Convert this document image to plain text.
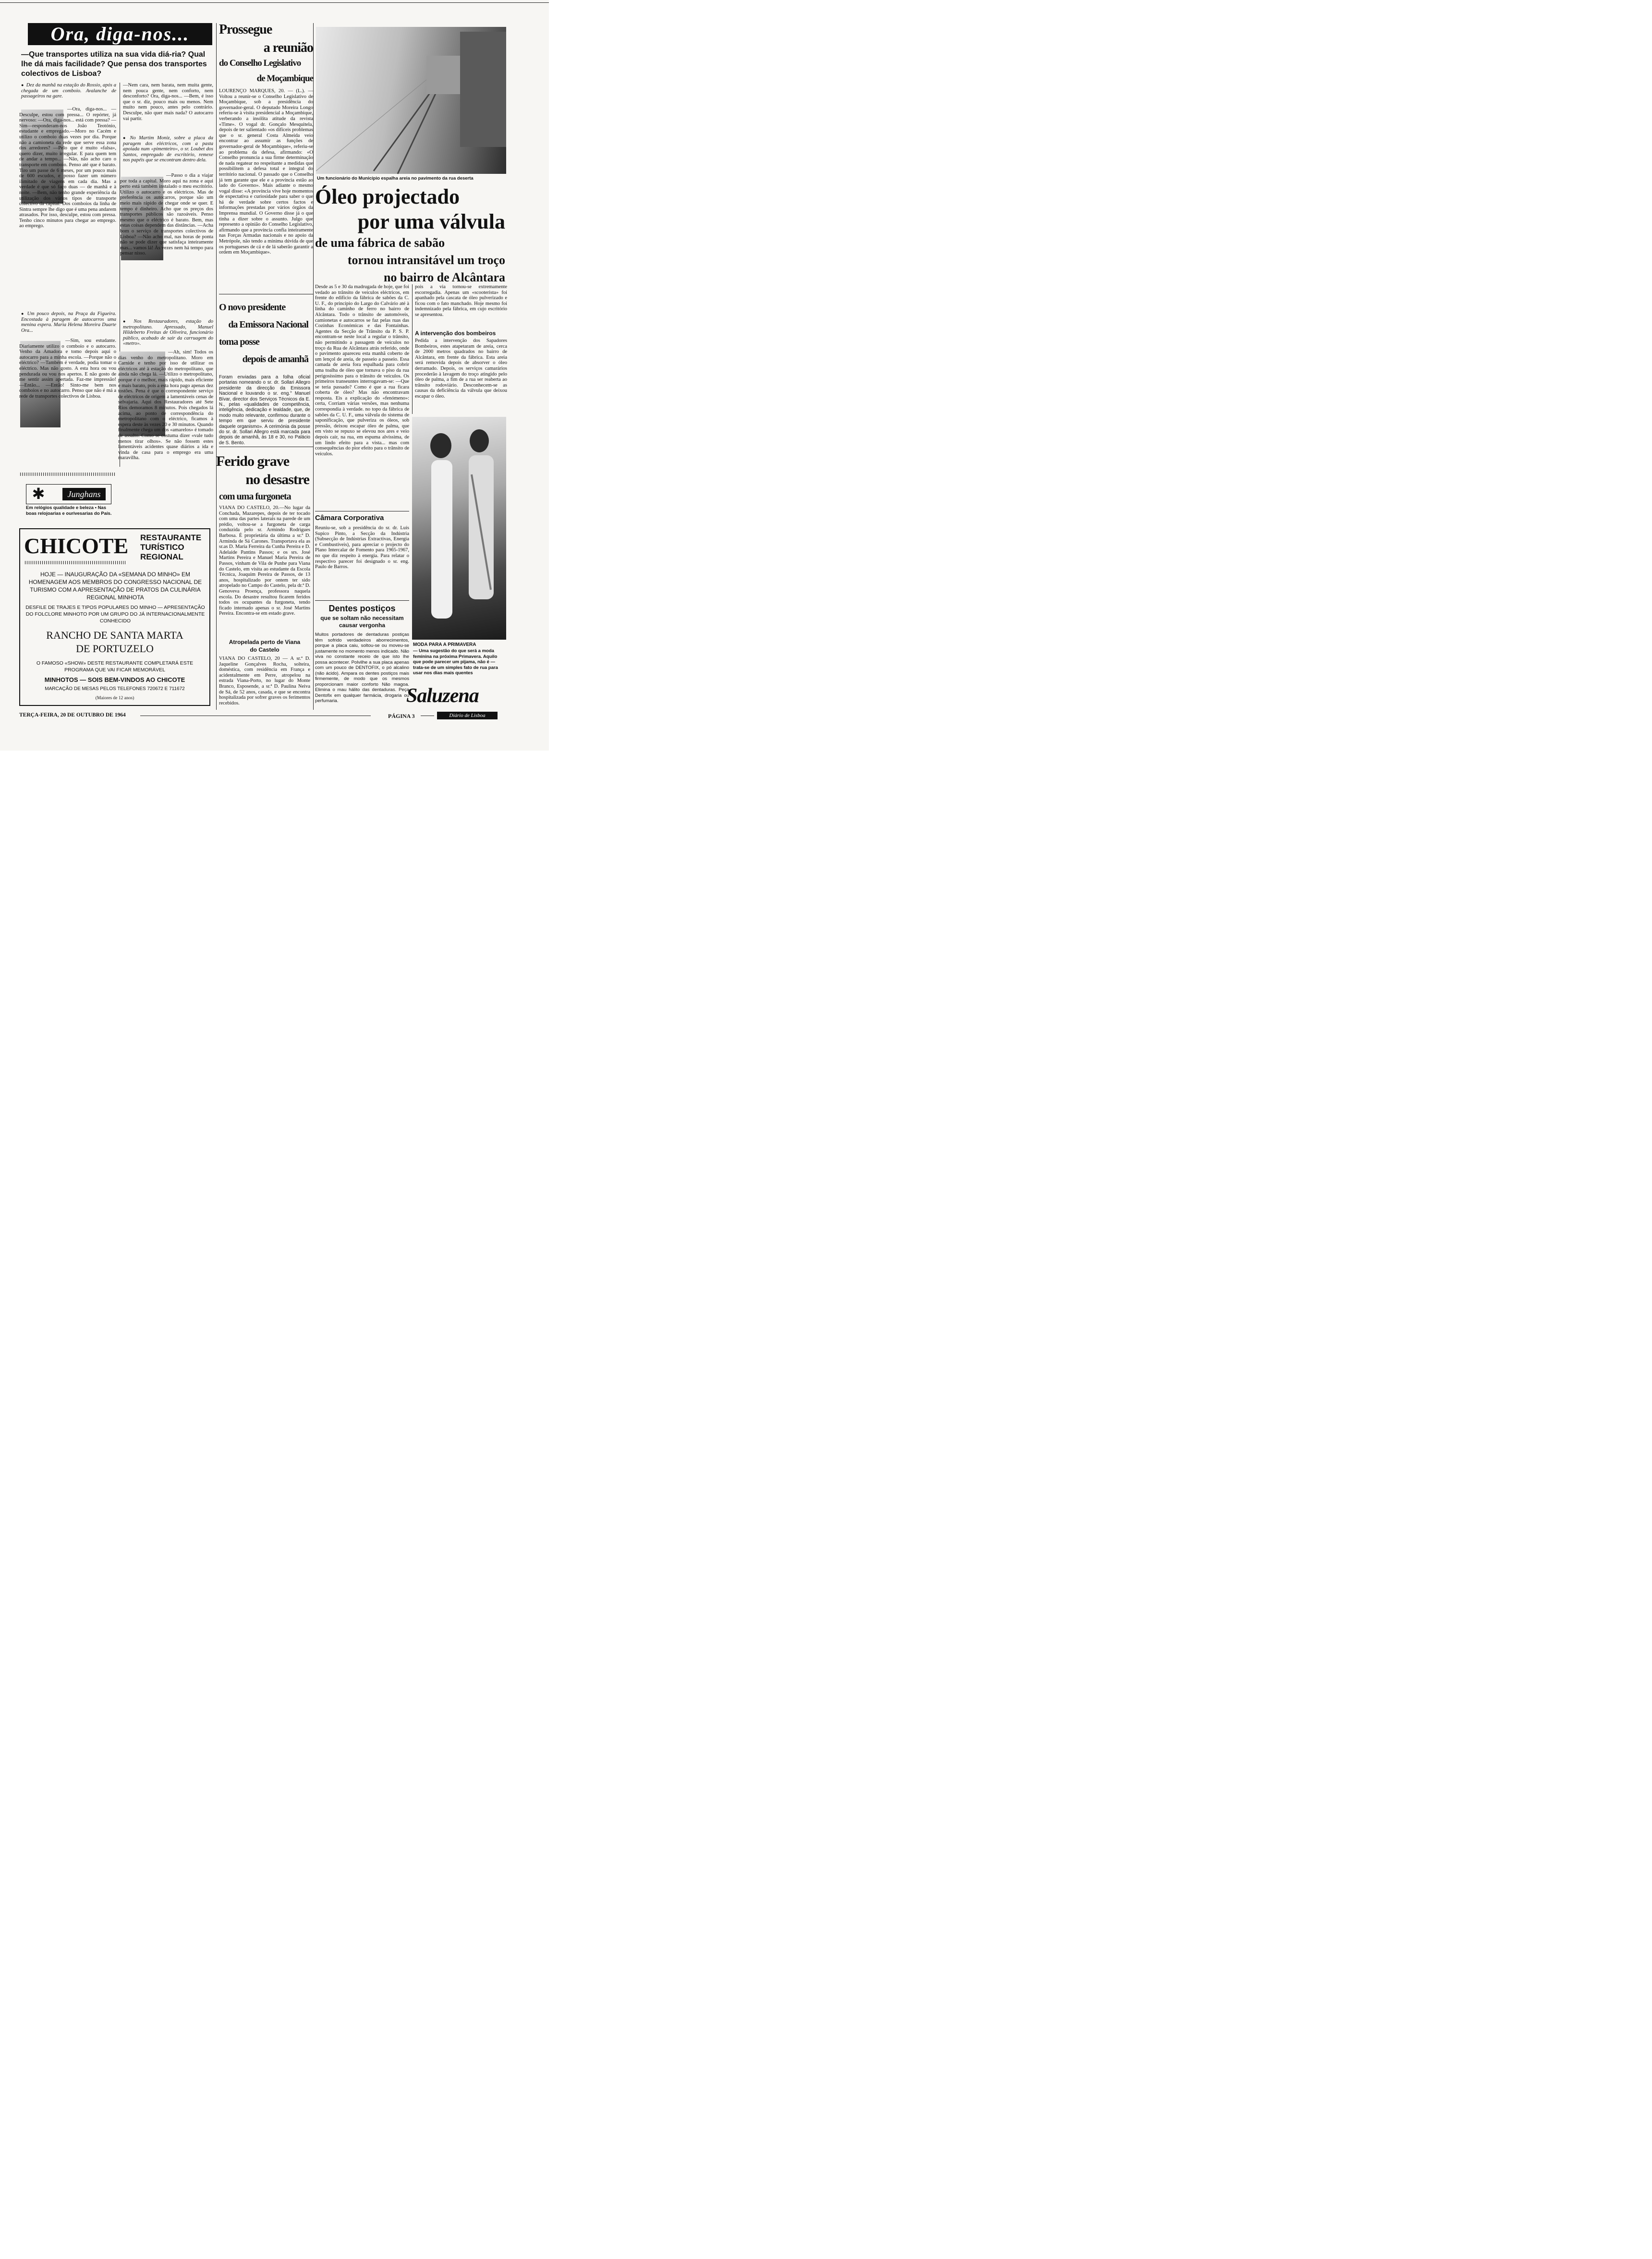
Ora, diga-nos...
—Que transportes utiliza na sua vida diá-ria? Qual lhe dá mais facilidade? Que pensa dos transportes colectivos de Lisboa?
● Dez da manhã na estação do Rossio, após a chegada de um comboio. Avalanche de passageiros na gare.
—Ora, diga-nos... —Desculpe, estou com pressa... O repórter, já nervoso: —Ora, diga-nos... está com pressa? —Sim—responderam-nos João Teotónio, estudante e empregado.—Moro no Cacém e utilizo o comboio duas vezes por dia. Porque não a camioneta da rede que serve essa zona dos arredores? —Pelo que é muito «falsa», quero dizer, muito irregular. E para quem tem de andar a tempo... —Não, não acho caro o transporte em comboio. Penso até que é barato. Tiro um passe de 6 meses, por um pouco mais de 600 escudos, e posso fazer um número ilimitado de viagens em cada dia. Mas a verdade é que só faço duas — de manhã e à noite. —Bem, não tenho grande experiência da utilização dos vários tipos de transporte colectivo da capital. Dos comboios da linha de Sintra sempre lhe digo que é uma pena andarem atrasados. Por isso, desculpe, estou com pressa. Tenho cinco minutos para chegar ao emprego. ao emprego.
● Um pouco depois, na Praça da Figueira. Encostada à paragem de autocarros uma menina espera. Maria Helena Moreira Duarte Ora...
—Sim, sou estudante. Diariamente utilizo o comboio e o autocarro. Venho da Amadora e tomo depois aqui o autocarro para a minha escola. —Porque não o eléctrico? —Também é verdade, podia tomar o eléctrico. Mas não gosto. A esta hora ou vou pendurada ou vou nos apertos. E não gosto de me sentir assim apertada. Faz-me impressão! —Então... —Então! Sinto-me bem nos comboios e no autocarro. Penso que não é má a rede de transportes colectivos de Lisboa.
—Nem cara, nem barata, nem muita gente, nem pouca gente, nem conforto, nem desconforto? Ora, diga-nos... —Bem, é isso que o sr. diz, pouco mais ou menos. Nem muito nem pouco, antes pelo contrário. Desculpe, não quer mais nada? O autocarro vai partir.
● No Martim Moniz, sobre a placa da paragem dos eléctricos, com a pasta apoiada num «pimenteiro», o sr. Loubet dos Santos, empregado de escritório, remexe nos papéis que se encontram dentro dela.
—Passo o dia a viajar por toda a capital. Moro aqui na zona e aqui perto está também instalado o meu escritório. Utilizo o autocarro e os eléctricos. Mas de preferência os autocarros, porque são um meio mais rápido de chegar onde se quer. E tempo é dinheiro. Acho que os preços dos transportes públicos são razoáveis. Penso mesmo que o eléctrico é barato. Bem, mas estas coisas dependem das distâncias. —Acha bom o serviço de transportes colectivos de Lisboa? —Não acho mal, nas horas de ponta não se pode dizer que satisfaça inteiramente mas... vamos lá! Às vezes nem há tempo para pensar nisso.
● Nos Restauradores, estação do metropolitano. Apressado, Manuel Hildeberto Freitas de Oliveira, funcionário público, acabado de sair da carruagem do «metro».
—Ah, sim! Todos os dias venho do metropolitano. Moro em Carnide e tenho por isso de utilizar os eléctricos até à estação do metropolitano, que ainda não chega lá. —Utilizo o metropolitano, porque é o melhor, mais rápido, mais eficiente e mais barato, pois a esta hora pago apenas dez tostões. Pena é que o correspondente serviço de eléctricos de origem a lamentáveis cenas de selvajaria. Aqui dos Restauradores até Sete Rios demoramos 8 minutos. Pois chegados lá acima, ao ponto de correspondência do metropolitano com o eléctrico, ficamos à espera deste às vezes 20 e 30 minutos. Quando finalmente chega um dos «amarelos» é tomado de assalto. Como se costuma dizer «vale tudo menos tirar olhos». Se não fossem estes lamentáveis acidentes quase diários a ida e vinda de casa para o emprego era uma maravilha.
✱	Junghans
Em relógios qualidade e beleza • Nas boas relojoarias e ourivesarias do País.
CHICOTE RESTAURANTE
TURÍSTICO
REGIONAL
HOJE — INAUGURAÇÃO DA «SEMANA DO MINHO» EM HOMENAGEM AOS MEMBROS DO CONGRESSO NACIONAL DE TURISMO COM A APRESENTAÇÃO DE PRATOS DA CULINÁRIA REGIONAL MINHOTA
DESFILE DE TRAJES E TIPOS POPULARES DO MINHO — APRESENTAÇÃO DO FOLCLORE MINHOTO POR UM GRUPO DO JÁ INTERNACIONALMENTE CONHECIDO
RANCHO DE SANTA MARTA
DE PORTUZELO
O FAMOSO «SHOW» DESTE RESTAURANTE COMPLETARÁ ESTE PROGRAMA QUE VAI FICAR MEMORÁVEL
MINHOTOS — SOIS BEM-VINDOS AO CHICOTE
MARCAÇÃO DE MESAS PELOS TELEFONES 720672 E 711672
(Maiores de 12 anos)
Prossegue
a reunião
do Conselho Legislativo
de Moçambique
LOURENÇO MARQUES, 20. — (L.). — Voltou a reunir-se o Conselho Legislativo de Moçambique, sob a presidência do governador-geral. O deputado Moreira Longo referiu-se à visita presidencial a Moçambique, verberando a insólita atitude da revista «Time». O vogal dr. Gonçalo Mesquitela, depois de ter salientado «os difíceis problemas que o sr. general Costa Almeida veio encontrar ao assumir as funções de governador-geral de Moçambique», referiu-se ao problema da defesa, afirmando: «O Conselho pronuncia a sua firme determinação de nada regatear no respeitante a medidas que possibilitem a defesa total e integral do território nacional. O passado que o Conselho já tem garante que ele e a província estão ao lado do Governo». Mais adiante o mesmo vogal disse: «A província vive hoje momentos de expectativa e curiosidade para saber o que há de verdade sobre certos factos e informações prestadas por vários órgãos da Imprensa mundial. O Governo disse já o que tinha a dizer sobre o assunto. Julgo que represento a opinião do Conselho Legislativo, afirmando que a província confia inteiramente nas Forças Armadas nacionais e no apoio da Metrópole, não tendo a mínima dúvida de que os portugueses de cá e de lá saberão garantir a ordem em Moçambique».
O novo presidente
da Emissora Nacional
toma posse
depois de amanhã
Foram enviadas para a folha oficial portarias nomeando o sr. dr. Sollari Allegro presidente da direcção da Emissora Nacional e louvando o sr. eng.° Manuel Bívar, director dos Serviços Técnicos da E. N., pelas «qualidades de competência, inteligência, dedicação e lealdade, que, de modo muito relevante, confirmou durante o tempo em que serviu de presidente daquele organismo». A cerimónia da posse do sr. dr. Sollari Allegro está marcada para depois de amanhã, às 18 e 30, no Palácio de S. Bento.
Ferido grave
no desastre
com uma furgoneta
VIANA DO CASTELO, 20.—No lugar da Conchada, Mazarepes, depois de ter tocado com uma das partes laterais na parede de um prédio, voltou-se a furgoneta de carga conduzida pelo sr. Armindo Rodrigues Barbosa. É proprietária da última a sr.ª D. Arminda de Sá Carones. Transportava ela as sr.as D. Maria Ferreira da Cunha Pereira e D. Adelaide Pantins Passos; e os srs. José Martins Pereira e Manuel Maria Pereira de Passos, vinham de Vila de Punhe para Viana do Castelo, em visita ao estudante da Escola Técnica, Joaquim Pereira de Passos, de 13 anos, hospitalizado por ontem ter sido atropelado no Campo do Castelo, pela dr.ª D. Genoveva Proença, professora naquela escola. Do desastre resultou ficarem feridos todos os ocupantes da furgoneta, tendo ficado internado apenas o sr. José Martins Pereira. Encontra-se em estado grave.
Atropelada perto de Viana
do Castelo
VIANA DO CASTELO, 20 — A sr.ª D. Jaqueline Gonçalves Rocha, solteira, doméstica, com residência em França e acidentalmente em Perre, atropelou na estrada Viana-Porto, no lugar do Monte Branco, Esposende, a sr.ª D. Paulina Neiva de Sá, de 52 anos, casada, e que se encontra hospitalizada por sofrer graves os ferimentos recebidos.
Um funcionário do Município espalha areia no pavimento da rua deserta
Óleo projectado
por uma válvula
de uma fábrica de sabão
tornou intransitável um troço
no bairro de Alcântara
Desde as 5 e 30 da madrugada de hoje, que foi vedado ao trânsito de veículos eléctricos, em frente do edifício da fábrica de sabões da C. U. F., do princípio do Largo do Calvário até à linha do caminho de ferro no bairro de Alcântara. Todo o trânsito de automóveis, camionetas e autocarros se faz pelas ruas das Cozinhas Económicas e das Fontainhas. Agentes da Secção de Trânsito da P. S. P. encontram-se neste local a regular o trânsito, não permitindo a passagem de veículos no troço da Rua de Alcântara atrás referido, onde o pavimento apareceu esta manhã coberto de um lençol de areia, de passeio a passeio. Essa camada de areia fora espalhada para cobrir uma toalha de óleo que tornava o piso da rua perigosíssimo para o trânsito de veículos. Os primeiros transeuntes interrogavam-se: —Que se teria passado? Como é que a rua ficara coberta de óleo? Mas não encontravam resposta. Eis a explicação do «fenómeno»: certa, Corriam várias versões, mas nenhuma correspondia à verdade. no topo da fábrica de sabões da C. U. F., uma válvula do sistema de saponificação, que pulveriza os óleos, sob pressão, deixou escapar óleo de palma, que em visto se repuxo se elevou nos ares e veio depois cair, na rua, em espuma alvíssima, de um lindo efeito para a vista... mas com consequências do pior efeito para o trânsito de veículos.
pois a via tornou-se extremamente escorregadia. Apenas um «scooterista» foi apanhado pela cascata de óleo pulverizado e ficou com o fato manchado. Hoje mesmo foi indemnizado pela fábrica, em cujo escritório se apresentou.
A intervenção dos bombeiros
Pedida a intervenção dos Sapadores Bombeiros, estes atapetaram de areia, cerca de 2000 metros quadrados no bairro de Alcântara, em frente da fábrica. Esta areia será removida depois de absorver o óleo derramado. Depois, os serviços camarários procederão à lavagem do troço atingido pelo óleo de palma, a fim de a rua ser reaberta ao trânsito rodoviário. Desconhecem-se as causas da deficiência da válvula que deixou escapar o óleo.
Câmara Corporativa
Reuniu-se, sob a presidência do sr. dr. Luís Supico Pinto, a Secção da Indústria (Subsecção de Indústrias Extractivas, Energia e Combustíveis), para apreciar o projecto do Plano Intercalar de Fomento para 1965-1967, no que diz respeito à energia. Para relatar o respectivo parecer foi designado o sr. eng. Paulo de Barros.
Dentes postiços
que se soltam não necessitam causar vergonha
Muitos portadores de dentaduras postiças têm sofrido verdadeiros aborrecimentos, porque a placa caiu, soltou-se ou moveu-se justamente no momento menos indicado. Não viva no constante receio de que isto lhe possa acontecer. Polvilhe a sua placa apenas com um pouco de DENTOFIX, o pó alcalino (não ácido). Ampara os dentes postiços mais firmemente, de modo que os mesmos proporcionam maior conforto Não magoa. Elimina o mau hálito das dentaduras. Peça Dentofix em qualquer farmácia, drogaria ou perfumaria.
MODA PARA A PRIMAVERA
— Uma sugestão do que será a moda feminina na próxima Primavera. Aquilo que pode parecer um pijama, não é — trata-se de um simples fato de rua para usar nos dias mais quentes
Saluzena
TERÇA-FEIRA, 20 DE OUTUBRO DE 1964	PÁGINA 3	Diário de Lisboa
